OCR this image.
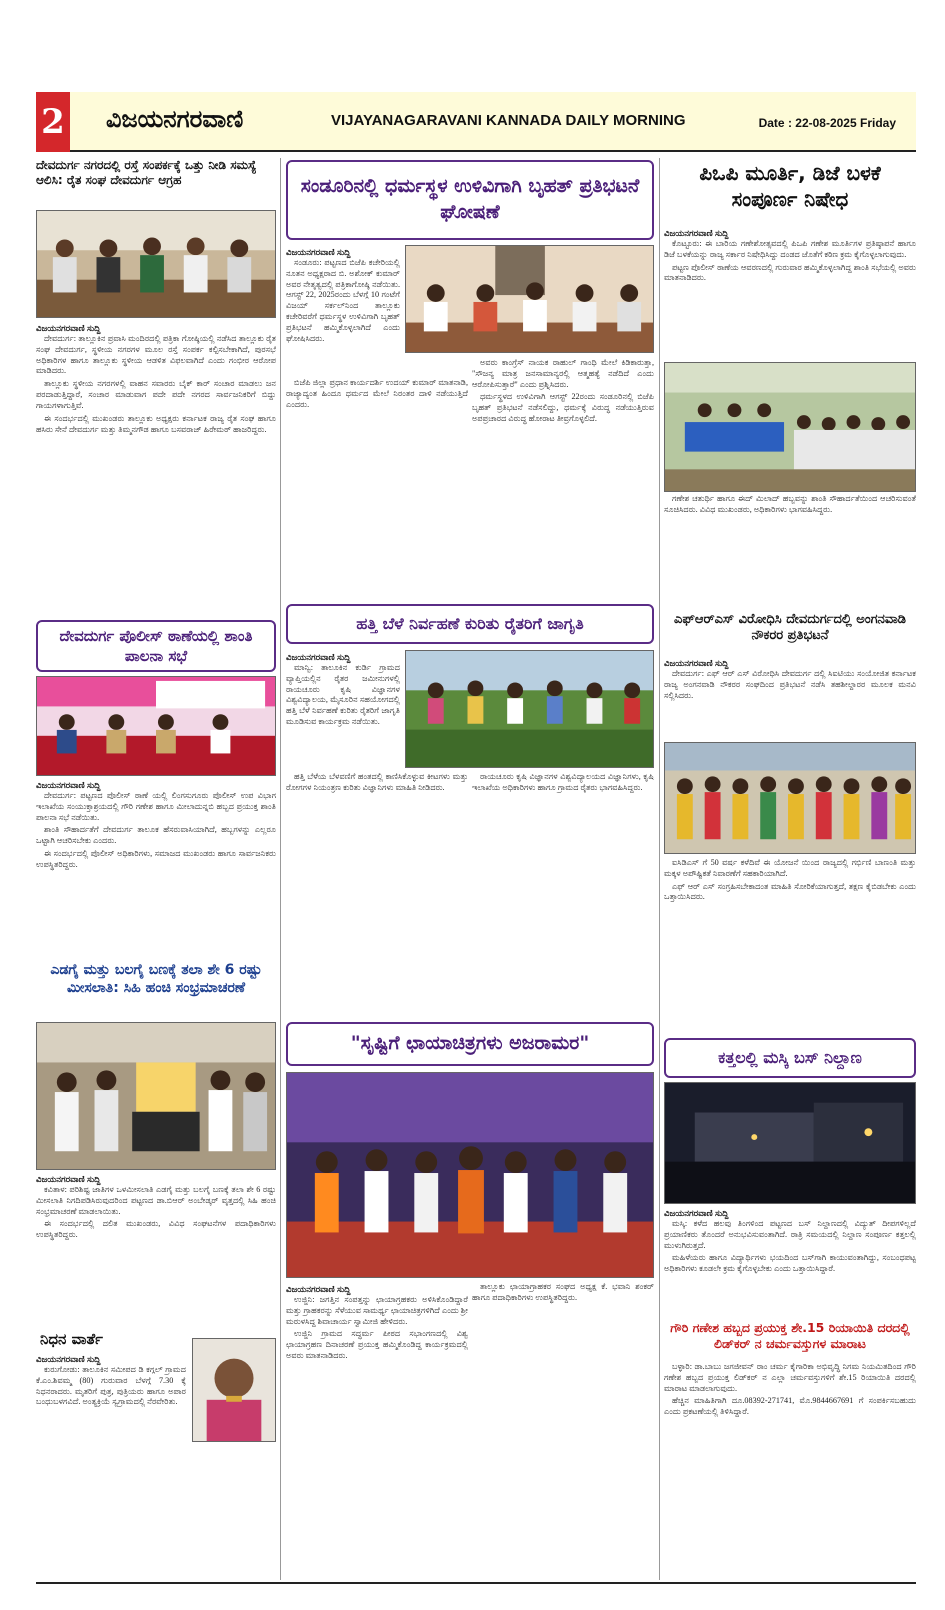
2 ವಿಜಯನಗರವಾಣಿ	VIJAYANAGARAVANI KANNADA DAILY MORNING	Date : 22-08-2025 Friday
ದೇವದುರ್ಗ ನಗರದಲ್ಲಿ ರಸ್ತೆ ಸಂಪರ್ಕಕ್ಕೆ ಒತ್ತು ನೀಡಿ ಸಮಸ್ಯೆ ಆಲಿಸಿ: ರೈತ ಸಂಘ ದೇವದುರ್ಗ ಆಗ್ರಹ
ವಿಜಯನಗರವಾಣಿ ಸುದ್ದಿ

ದೇವದುರ್ಗ: ತಾಲ್ಲೂಕಿನ ಪ್ರವಾಸಿ ಮಂದಿರದಲ್ಲಿ ಪತ್ರಿಕಾ ಗೋಷ್ಠಿಯಲ್ಲಿ ನಡೆಸಿದ ತಾಲ್ಲೂಕು ರೈತ ಸಂಘ ದೇವದುರ್ಗ, ಸ್ಥಳೀಯ ನಗರಗಳ ಮೂಲ ರಸ್ತೆ ಸಂಪರ್ಕ ಕಲ್ಪಿಸಬೇಕಾಗಿದೆ, ಪುರಸಭೆ ಅಧಿಕಾರಿಗಳ ಹಾಗೂ ತಾಲ್ಲೂಕು ಸ್ಥಳೀಯ ಆಡಳಿತ ವಿಫಲವಾಗಿದೆ ಎಂದು ಗಂಭೀರ ಆರೋಪ ಮಾಡಿದರು.

ತಾಲ್ಲೂಕು ಸ್ಥಳೀಯ ನಗರಗಳಲ್ಲಿ ವಾಹನ ಸವಾರರು ಬೈಕ್ ಕಾರ್ ಸಂಚಾರ ಮಾಡಲು ಜನ ಪರದಾಡುತ್ತಿದ್ದಾರೆ, ಸಂಚಾರ ಮಾಡುವಾಗ ಪದೇ ಪದೇ ನಗರದ ಸಾರ್ವಜನಿಕರಿಗೆ ಬಿದ್ದು ಗಾಯಗಳಾಗುತ್ತಿವೆ.

ಈ ಸಂದರ್ಭದಲ್ಲಿ ಮುಖಂಡರು ತಾಲ್ಲೂಕು ಅಧ್ಯಕ್ಷರು ಕರ್ನಾಟಕ ರಾಜ್ಯ ರೈತ ಸಂಘ ಹಾಗೂ ಹಸಿರು ಸೇನೆ ದೇವದುರ್ಗ ಮತ್ತು ತಿಮ್ಮನಗೌಡ ಹಾಗೂ ಬಸವರಾಜ್ ಹಿರೇಮಠ್ ಹಾಜರಿದ್ದರು.

ದೇವದುರ್ಗ ಪೊಲೀಸ್ ಠಾಣೆಯಲ್ಲಿ ಶಾಂತಿ ಪಾಲನಾ ಸಭೆ
ವಿಜಯನಗರವಾಣಿ ಸುದ್ದಿ

ದೇವದುರ್ಗ: ಪಟ್ಟಣದ ಪೊಲೀಸ್ ಠಾಣೆ ಯಲ್ಲಿ ಲಿಂಗಸುಗೂರು ಪೊಲೀಸ್ ಉಪ ವಿಭಾಗ ಇಲಾಖೆಯ ಸಂಯುಕ್ತಾಶ್ರಯದಲ್ಲಿ ಗೌರಿ ಗಣೇಶ ಹಾಗೂ ಮೀಲಾದುನ್ನಬಿ ಹಬ್ಬದ ಪ್ರಯುಕ್ತ ಶಾಂತಿ ಪಾಲನಾ ಸಭೆ ನಡೆಯಿತು.

ಶಾಂತಿ ಸೌಹಾರ್ದತೆಗೆ ದೇವದುರ್ಗ ತಾಲೂಕ ಹೆಸರುವಾಸಿಯಾಗಿದೆ, ಹಬ್ಬಗಳನ್ನು ಎಲ್ಲರೂ ಒಟ್ಟಾಗಿ ಆಚರಿಸಬೇಕು ಎಂದರು.

ಈ ಸಂದರ್ಭದಲ್ಲಿ ಪೊಲೀಸ್ ಅಧಿಕಾರಿಗಳು, ಸಮಾಜದ ಮುಖಂಡರು ಹಾಗೂ ಸಾರ್ವಜನಿಕರು ಉಪಸ್ಥಿತರಿದ್ದರು.

ಎಡಗೈ ಮತ್ತು ಬಲಗೈ ಬಣಕ್ಕೆ ತಲಾ ಶೇ 6 ರಷ್ಟು ಮೀಸಲಾತಿ: ಸಿಹಿ ಹಂಚಿ ಸಂಭ್ರಮಾಚರಣೆ
ವಿಜಯನಗರವಾಣಿ ಸುದ್ದಿ

ಕವಿತಾಳ: ಪರಿಶಿಷ್ಟ ಜಾತಿಗಳ ಒಳಮೀಸಲಾತಿ ಎಡಗೈ ಮತ್ತು ಬಲಗೈ ಬಣಕ್ಕೆ ತಲಾ ಶೇ 6 ರಷ್ಟು ಮೀಸಲಾತಿ ನಿಗದಿಪಡಿಸಿರುವುದರಿಂದ ಪಟ್ಟಣದ ಡಾ.ಬಿಆರ್ ಅಂಬೇಡ್ಕರ್ ವೃತ್ತದಲ್ಲಿ ಸಿಹಿ ಹಂಚಿ ಸಂಭ್ರಮಾಚರಣೆ ಮಾಡಲಾಯಿತು.

ಈ ಸಂದರ್ಭದಲ್ಲಿ ದಲಿತ ಮುಖಂಡರು, ವಿವಿಧ ಸಂಘಟನೆಗಳ ಪದಾಧಿಕಾರಿಗಳು ಉಪಸ್ಥಿತರಿದ್ದರು.

ನಿಧನ ವಾರ್ತೆ
ವಿಜಯನಗರವಾಣಿ ಸುದ್ದಿ

ಕುರುಗೋಡು: ತಾಲೂಕಿನ ಸಮೀಪದ ಡಿ ಕಗ್ಗಲ್ ಗ್ರಾಮದ ಕೆ.ಎಂ.ಶಿವಮ್ಮ (80) ಗುರುವಾರ ಬೆಳಗ್ಗೆ 7.30 ಕ್ಕೆ ನಿಧನರಾದರು. ಮೃತರಿಗೆ ಪುತ್ರ, ಪುತ್ರಿಯರು ಹಾಗೂ ಅಪಾರ ಬಂಧುಬಳಗವಿದೆ. ಅಂತ್ಯಕ್ರಿಯೆ ಸ್ವಗ್ರಾಮದಲ್ಲಿ ನೆರವೇರಿತು.

ಸಂಡೂರಿನಲ್ಲಿ ಧರ್ಮಸ್ಥಳ ಉಳಿವಿಗಾಗಿ ಬೃಹತ್ ಪ್ರತಿಭಟನೆ ಘೋಷಣೆ
ವಿಜಯನಗರವಾಣಿ ಸುದ್ದಿ

ಸಂಡೂರು: ಪಟ್ಟಣದ ಬಿಜೆಪಿ ಕಚೇರಿಯಲ್ಲಿ ನೂತನ ಅಧ್ಯಕ್ಷರಾದ ಬಿ. ಅಶೋಕ್ ಕುಮಾರ್ ಅವರ ನೇತೃತ್ವದಲ್ಲಿ ಪತ್ರಿಕಾಗೋಷ್ಠಿ ನಡೆಯಿತು. ಆಗಸ್ಟ್ 22, 2025ರಂದು ಬೆಳಗ್ಗೆ 10 ಗಂಟೆಗೆ ವಿಜಯ್ ಸರ್ಕಲ್‌ನಿಂದ ತಾಲ್ಲೂಕು ಕಚೇರಿವರೆಗೆ ಧರ್ಮಸ್ಥಳ ಉಳಿವಿಗಾಗಿ ಬೃಹತ್ ಪ್ರತಿಭಟನೆ ಹಮ್ಮಿಕೊಳ್ಳಲಾಗಿದೆ ಎಂದು ಘೋಷಿಸಿದರು.

ಬಿಜೆಪಿ ಜಿಲ್ಲಾ ಪ್ರಧಾನ ಕಾರ್ಯದರ್ಶಿ ಉದಯ್ ಕುಮಾರ್ ಮಾತನಾಡಿ, ರಾಜ್ಯಾದ್ಯಂತ ಹಿಂದೂ ಧರ್ಮದ ಮೇಲೆ ನಿರಂತರ ದಾಳಿ ನಡೆಯುತ್ತಿದೆ ಎಂದರು.

ಅವರು ಕಾಂಗ್ರೆಸ್ ನಾಯಕ ರಾಹುಲ್ ಗಾಂಧಿ ಮೇಲೆ ಕಿಡಿಕಾರುತ್ತಾ, "ಸೌಜನ್ಯ ಮಾತ್ರ ಜನಸಾಮಾನ್ಯರಲ್ಲಿ ಆತ್ಮಹತ್ಯೆ ನಡೆದಿದೆ ಎಂದು ಆರೋಪಿಸುತ್ತಾರೆ" ಎಂದು ಪ್ರಶ್ನಿಸಿದರು.

ಧರ್ಮಸ್ಥಳದ ಉಳಿವಿಗಾಗಿ ಆಗಸ್ಟ್ 22ರಂದು ಸಂಡೂರಿನಲ್ಲಿ ಬಿಜೆಪಿ ಬೃಹತ್ ಪ್ರತಿಭಟನೆ ನಡೆಸಲಿದ್ದು, ಧರ್ಮಕ್ಕೆ ವಿರುದ್ಧ ನಡೆಯುತ್ತಿರುವ ಅಪಪ್ರಚಾರದ ವಿರುದ್ಧ ಹೋರಾಟ ತೀವ್ರಗೊಳ್ಳಲಿದೆ.

ಹತ್ತಿ ಬೆಳೆ ನಿರ್ವಹಣೆ ಕುರಿತು ರೈತರಿಗೆ ಜಾಗೃತಿ
ವಿಜಯನಗರವಾಣಿ ಸುದ್ದಿ

ಮಾನ್ವಿ: ತಾಲೂಕಿನ ಕುರ್ಡಿ ಗ್ರಾಮದ ವ್ಯಾಪ್ತಿಯಲ್ಲಿನ ರೈತರ ಜಮೀನುಗಳಲ್ಲಿ ರಾಯಚೂರು ಕೃಷಿ ವಿಜ್ಞಾನಗಳ ವಿಶ್ವವಿದ್ಯಾಲಯ, ಮೈಸೂರಿನ ಸಹಯೋಗದಲ್ಲಿ ಹತ್ತಿ ಬೆಳೆ ನಿರ್ವಹಣೆ ಕುರಿತು ರೈತರಿಗೆ ಜಾಗೃತಿ ಮೂಡಿಸುವ ಕಾರ್ಯಕ್ರಮ ನಡೆಯಿತು.

ಹತ್ತಿ ಬೆಳೆಯ ಬೆಳವಣಿಗೆ ಹಂತದಲ್ಲಿ ಕಾಣಿಸಿಕೊಳ್ಳುವ ಕೀಟಗಳು ಮತ್ತು ರೋಗಗಳ ನಿಯಂತ್ರಣ ಕುರಿತು ವಿಜ್ಞಾನಿಗಳು ಮಾಹಿತಿ ನೀಡಿದರು.

ರಾಯಚೂರು ಕೃಷಿ ವಿಜ್ಞಾನಗಳ ವಿಶ್ವವಿದ್ಯಾಲಯದ ವಿಜ್ಞಾನಿಗಳು, ಕೃಷಿ ಇಲಾಖೆಯ ಅಧಿಕಾರಿಗಳು ಹಾಗೂ ಗ್ರಾಮದ ರೈತರು ಭಾಗವಹಿಸಿದ್ದರು.

"ಸೃಷ್ಟಿಗೆ ಛಾಯಾಚಿತ್ರಗಳು ಅಜರಾಮರ"
ವಿಜಯನಗರವಾಣಿ ಸುದ್ದಿ

ಉಜ್ಜಿನಿ: ಜಗತ್ತಿನ ಸಂಪತ್ತನ್ನು ಛಾಯಾಗ್ರಹಕರು ಅಳಿಸಿಕೊಂಡಿದ್ದಾರೆ ಮತ್ತು ಗ್ರಾಹಕರನ್ನು ಸೆಳೆಯುವ ಸಾಮರ್ಥ್ಯ ಛಾಯಾಚಿತ್ರಗಳಿಗಿದೆ ಎಂದು ಶ್ರೀ ಮರುಳಸಿದ್ದ ಶಿವಾಚಾರ್ಯ ಸ್ವಾಮೀಜಿ ಹೇಳಿದರು.

ಉಜ್ಜಿನಿ ಗ್ರಾಮದ ಸದ್ಧರ್ಮ ಪೀಠದ ಸಭಾಂಗಣದಲ್ಲಿ ವಿಶ್ವ ಛಾಯಾಗ್ರಹಣ ದಿನಾಚರಣೆ ಪ್ರಯುಕ್ತ ಹಮ್ಮಿಕೊಂಡಿದ್ದ ಕಾರ್ಯಕ್ರಮದಲ್ಲಿ ಅವರು ಮಾತನಾಡಿದರು.

ತಾಲ್ಲೂಕು ಛಾಯಾಗ್ರಾಹಕರ ಸಂಘದ ಅಧ್ಯಕ್ಷ ಕೆ. ಭವಾನಿ ಶಂಕರ್ ಹಾಗೂ ಪದಾಧಿಕಾರಿಗಳು ಉಪಸ್ಥಿತರಿದ್ದರು.

ಪಿಒಪಿ ಮೂರ್ತಿ, ಡಿಜೆ ಬಳಕೆ ಸಂಪೂರ್ಣ ನಿಷೇಧ
ವಿಜಯನಗರವಾಣಿ ಸುದ್ದಿ

ಕೊಟ್ಟೂರು: ಈ ಬಾರಿಯ ಗಣೇಶೋತ್ಸವದಲ್ಲಿ ಪಿಒಪಿ ಗಣೇಶ ಮೂರ್ತಿಗಳ ಪ್ರತಿಷ್ಠಾಪನೆ ಹಾಗೂ ಡಿಜೆ ಬಳಕೆಯನ್ನು ರಾಜ್ಯ ಸರ್ಕಾರ ನಿಷೇಧಿಸಿದ್ದು ದಂಡದ ಜೊತೆಗೆ ಕಠಿಣ ಕ್ರಮ ಕೈಗೊಳ್ಳಲಾಗುವುದು.

ಪಟ್ಟಣ ಪೊಲೀಸ್ ಠಾಣೆಯ ಆವರಣದಲ್ಲಿ ಗುರುವಾರ ಹಮ್ಮಿಕೊಳ್ಳಲಾಗಿದ್ದ ಶಾಂತಿ ಸಭೆಯಲ್ಲಿ ಅವರು ಮಾತನಾಡಿದರು.

ಗಣೇಶ ಚತುರ್ಥಿ ಹಾಗೂ ಈದ್ ಮಿಲಾದ್ ಹಬ್ಬವನ್ನು ಶಾಂತಿ ಸೌಹಾರ್ದತೆಯಿಂದ ಆಚರಿಸುವಂತೆ ಸೂಚಿಸಿದರು. ವಿವಿಧ ಮುಖಂಡರು, ಅಧಿಕಾರಿಗಳು ಭಾಗವಹಿಸಿದ್ದರು.

ಎಫ್‌ಆರ್‌ಎಸ್ ವಿರೋಧಿಸಿ ದೇವದುರ್ಗದಲ್ಲಿ ಅಂಗನವಾಡಿ ನೌಕರರ ಪ್ರತಿಭಟನೆ
ವಿಜಯನಗರವಾಣಿ ಸುದ್ದಿ

ದೇವದುರ್ಗ: ಎಫ್ ಆರ್ ಎಸ್ ವಿರೋಧಿಸಿ ದೇವದುರ್ಗ ದಲ್ಲಿ ಸಿಐಟಿಯು ಸಂಯೋಜಿತ ಕರ್ನಾಟಕ ರಾಜ್ಯ ಅಂಗನವಾಡಿ ನೌಕರರ ಸಂಘದಿಂದ ಪ್ರತಿಭಟನೆ ನಡೆಸಿ ತಹಶೀಲ್ದಾರರ ಮೂಲಕ ಮನವಿ ಸಲ್ಲಿಸಿದರು.

ಐಸಿಡಿಎಸ್ ಗೆ 50 ವರ್ಷ ಕಳೆದಿವೆ ಈ ಯೋಜನೆ ಯಿಂದ ರಾಜ್ಯದಲ್ಲಿ ಗರ್ಭಿಣಿ ಬಾಣಂತಿ ಮತ್ತು ಮಕ್ಕಳ ಅಪೌಷ್ಟಿಕತೆ ನಿವಾರಣೆಗೆ ಸಹಕಾರಿಯಾಗಿದೆ.

ಎಫ್ ಆರ್ ಎಸ್ ಸಂಗ್ರಹಿಸಬೇಕಾದಂತ ಮಾಹಿತಿ ಸೋರಿಕೆಯಾಗುತ್ತದೆ, ತಕ್ಷಣ ಕೈಬಿಡಬೇಕು ಎಂದು ಒತ್ತಾಯಿಸಿದರು.

ಕತ್ತಲಲ್ಲಿ ಮಸ್ಕಿ ಬಸ್ ನಿಲ್ದಾಣ
ವಿಜಯನಗರವಾಣಿ ಸುದ್ದಿ

ಮಸ್ಕಿ: ಕಳೆದ ಹಲವು ತಿಂಗಳಿಂದ ಪಟ್ಟಣದ ಬಸ್ ನಿಲ್ದಾಣದಲ್ಲಿ ವಿದ್ಯುತ್ ದೀಪಗಳಿಲ್ಲದೆ ಪ್ರಯಾಣಿಕರು ತೊಂದರೆ ಅನುಭವಿಸುವಂತಾಗಿದೆ. ರಾತ್ರಿ ಸಮಯದಲ್ಲಿ ನಿಲ್ದಾಣ ಸಂಪೂರ್ಣ ಕತ್ತಲಲ್ಲಿ ಮುಳುಗಿರುತ್ತದೆ.

ಮಹಿಳೆಯರು ಹಾಗೂ ವಿದ್ಯಾರ್ಥಿಗಳು ಭಯದಿಂದ ಬಸ್‌ಗಾಗಿ ಕಾಯುವಂತಾಗಿದ್ದು, ಸಂಬಂಧಪಟ್ಟ ಅಧಿಕಾರಿಗಳು ಕೂಡಲೇ ಕ್ರಮ ಕೈಗೊಳ್ಳಬೇಕು ಎಂದು ಒತ್ತಾಯಿಸಿದ್ದಾರೆ.

ಗೌರಿ ಗಣೇಶ ಹಬ್ಬದ ಪ್ರಯುಕ್ತ ಶೇ.15 ರಿಯಾಯಿತಿ ದರದಲ್ಲಿ ಲಿಡ್‌ಕರ್ ನ ಚರ್ಮವಸ್ತುಗಳ ಮಾರಾಟ

ಬಳ್ಳಾರಿ: ಡಾ.ಬಾಬು ಜಗಜೀವನ್ ರಾಂ ಚರ್ಮ ಕೈಗಾರಿಕಾ ಅಭಿವೃದ್ಧಿ ನಿಗಮ ನಿಯಮಿತದಿಂದ ಗೌರಿ ಗಣೇಶ ಹಬ್ಬದ ಪ್ರಯುಕ್ತ ಲಿಡ್‌ಕರ್ ನ ಎಲ್ಲಾ ಚರ್ಮವಸ್ತುಗಳಿಗೆ ಶೇ.15 ರಿಯಾಯಿತಿ ದರದಲ್ಲಿ ಮಾರಾಟ ಮಾಡಲಾಗುವುದು.

ಹೆಚ್ಚಿನ ಮಾಹಿತಿಗಾಗಿ ದೂ.08392-271741, ಮೊ.9844667691 ಗೆ ಸಂಪರ್ಕಿಸಬಹುದು ಎಂದು ಪ್ರಕಟಣೆಯಲ್ಲಿ ತಿಳಿಸಿದ್ದಾರೆ.
